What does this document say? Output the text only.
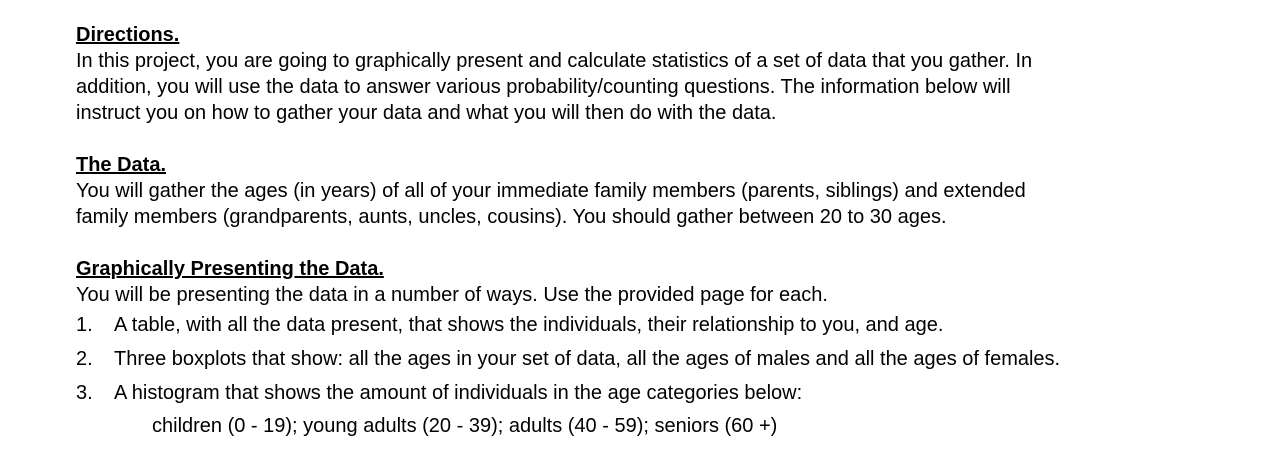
Directions.

In this project, you are going to graphically present and calculate statistics of a set of data that you gather. In
addition, you will use the data to answer various probability/counting questions. The information below will
instruct you on how to gather your data and what you will then do with the data.

The Data.

You will gather the ages (in years) of all of your immediate family members (parents, siblings) and extended
family members (grandparents, aunts, uncles, cousins). You should gather between 20 to 30 ages.

Graphically Presenting the Data.

You will be presenting the data in a number of ways. Use the provided page for each.

1.	A table, with all the data present, that shows the individuals, their relationship to you, and age.
2.	Three boxplots that show: all the ages in your set of data, all the ages of males and all the ages of females.
3.	A histogram that shows the amount of individuals in the age categories below:
children (0 - 19); young adults (20 - 39); adults (40 - 59); seniors (60 +)
